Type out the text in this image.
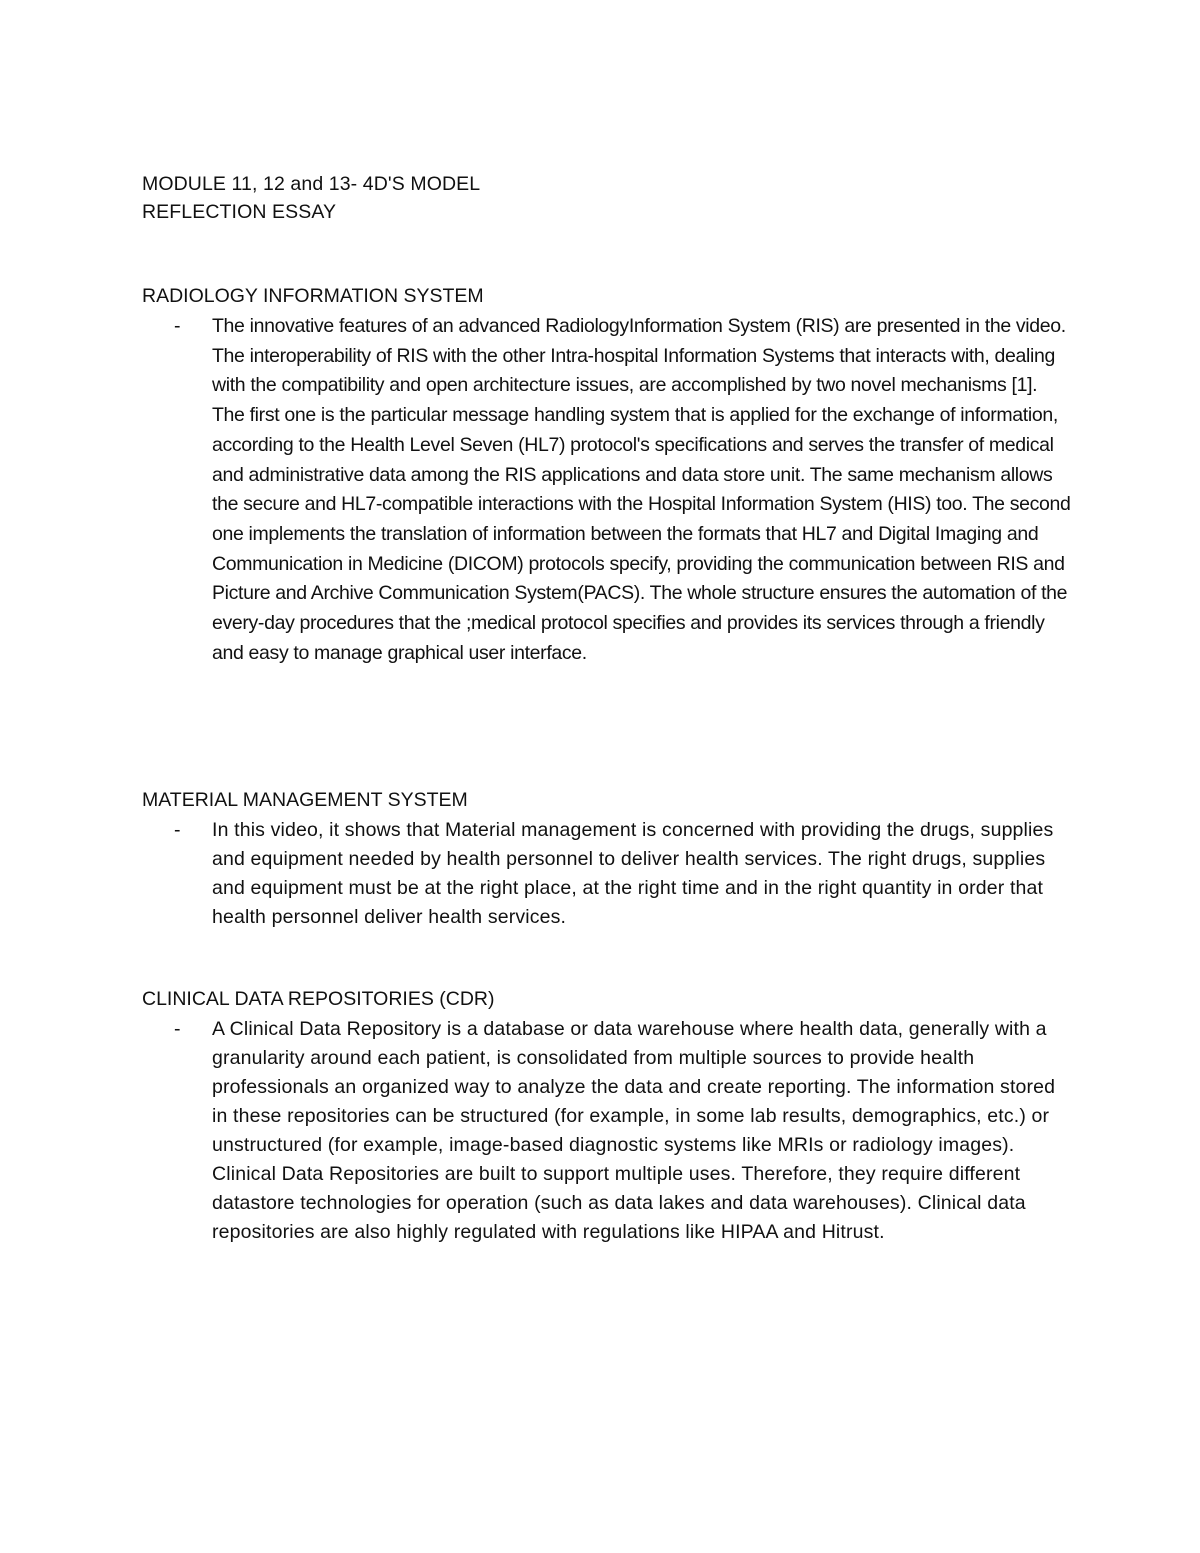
MODULE 11, 12 and 13- 4D'S MODEL
REFLECTION ESSAY
RADIOLOGY INFORMATION SYSTEM
- The innovative features of an advanced RadiologyInformation System (RIS) are presented in the video. The interoperability of RIS with the other Intra-hospital Information Systems that interacts with, dealing with the compatibility and open architecture issues, are accomplished by two novel mechanisms [1]. The first one is the particular message handling system that is applied for the exchange of information, according to the Health Level Seven (HL7) protocol's specifications and serves the transfer of medical and administrative data among the RIS applications and data store unit. The same mechanism allows the secure and HL7-compatible interactions with the Hospital Information System (HIS) too. The second one implements the translation of information between the formats that HL7 and Digital Imaging and Communication in Medicine (DICOM) protocols specify, providing the communication between RIS and Picture and Archive Communication System(PACS). The whole structure ensures the automation of the every-day procedures that the ;medical protocol specifies and provides its services through a friendly and easy to manage graphical user interface.
MATERIAL MANAGEMENT SYSTEM
- In this video, it shows that Material management is concerned with providing the drugs, supplies and equipment needed by health personnel to deliver health services. The right drugs, supplies and equipment must be at the right place, at the right time and in the right quantity in order that health personnel deliver health services.
CLINICAL DATA REPOSITORIES (CDR)
- A Clinical Data Repository is a database or data warehouse where health data, generally with a granularity around each patient, is consolidated from multiple sources to provide health professionals an organized way to analyze the data and create reporting. The information stored in these repositories can be structured (for example, in some lab results, demographics, etc.) or unstructured (for example, image-based diagnostic systems like MRIs or radiology images). Clinical Data Repositories are built to support multiple uses. Therefore, they require different datastore technologies for operation (such as data lakes and data warehouses). Clinical data repositories are also highly regulated with regulations like HIPAA and Hitrust.
